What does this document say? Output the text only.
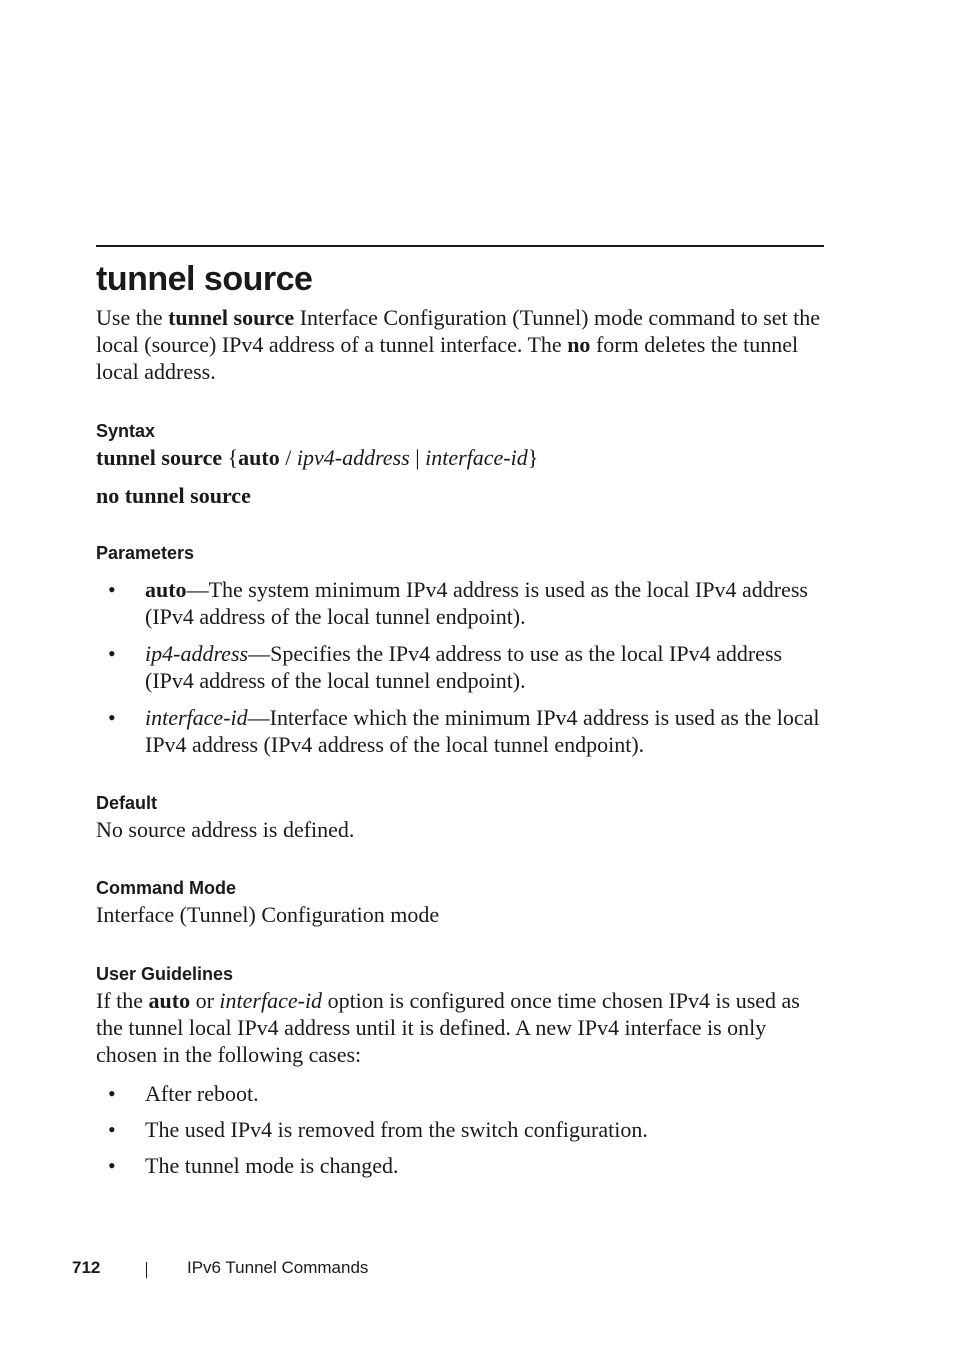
tunnel source

Use the tunnel source Interface Configuration (Tunnel) mode command to set the local (source) IPv4 address of a tunnel interface. The no form deletes the tunnel local address.

Syntax

tunnel source {auto / ipv4-address | interface-id}

no tunnel source

Parameters
• auto—The system minimum IPv4 address is used as the local IPv4 address (IPv4 address of the local tunnel endpoint).

• ip4-address—Specifies the IPv4 address to use as the local IPv4 address (IPv4 address of the local tunnel endpoint).

• interface-id—Interface which the minimum IPv4 address is used as the local IPv4 address (IPv4 address of the local tunnel endpoint).

Default

No source address is defined.

Command Mode

Interface (Tunnel) Configuration mode

User Guidelines

If the auto or interface-id option is configured once time chosen IPv4 is used as the tunnel local IPv4 address until it is defined. A new IPv4 interface is only chosen in the following cases:

• After reboot.

• The used IPv4 is removed from the switch configuration.

• The tunnel mode is changed.

712	IPv6 Tunnel Commands
